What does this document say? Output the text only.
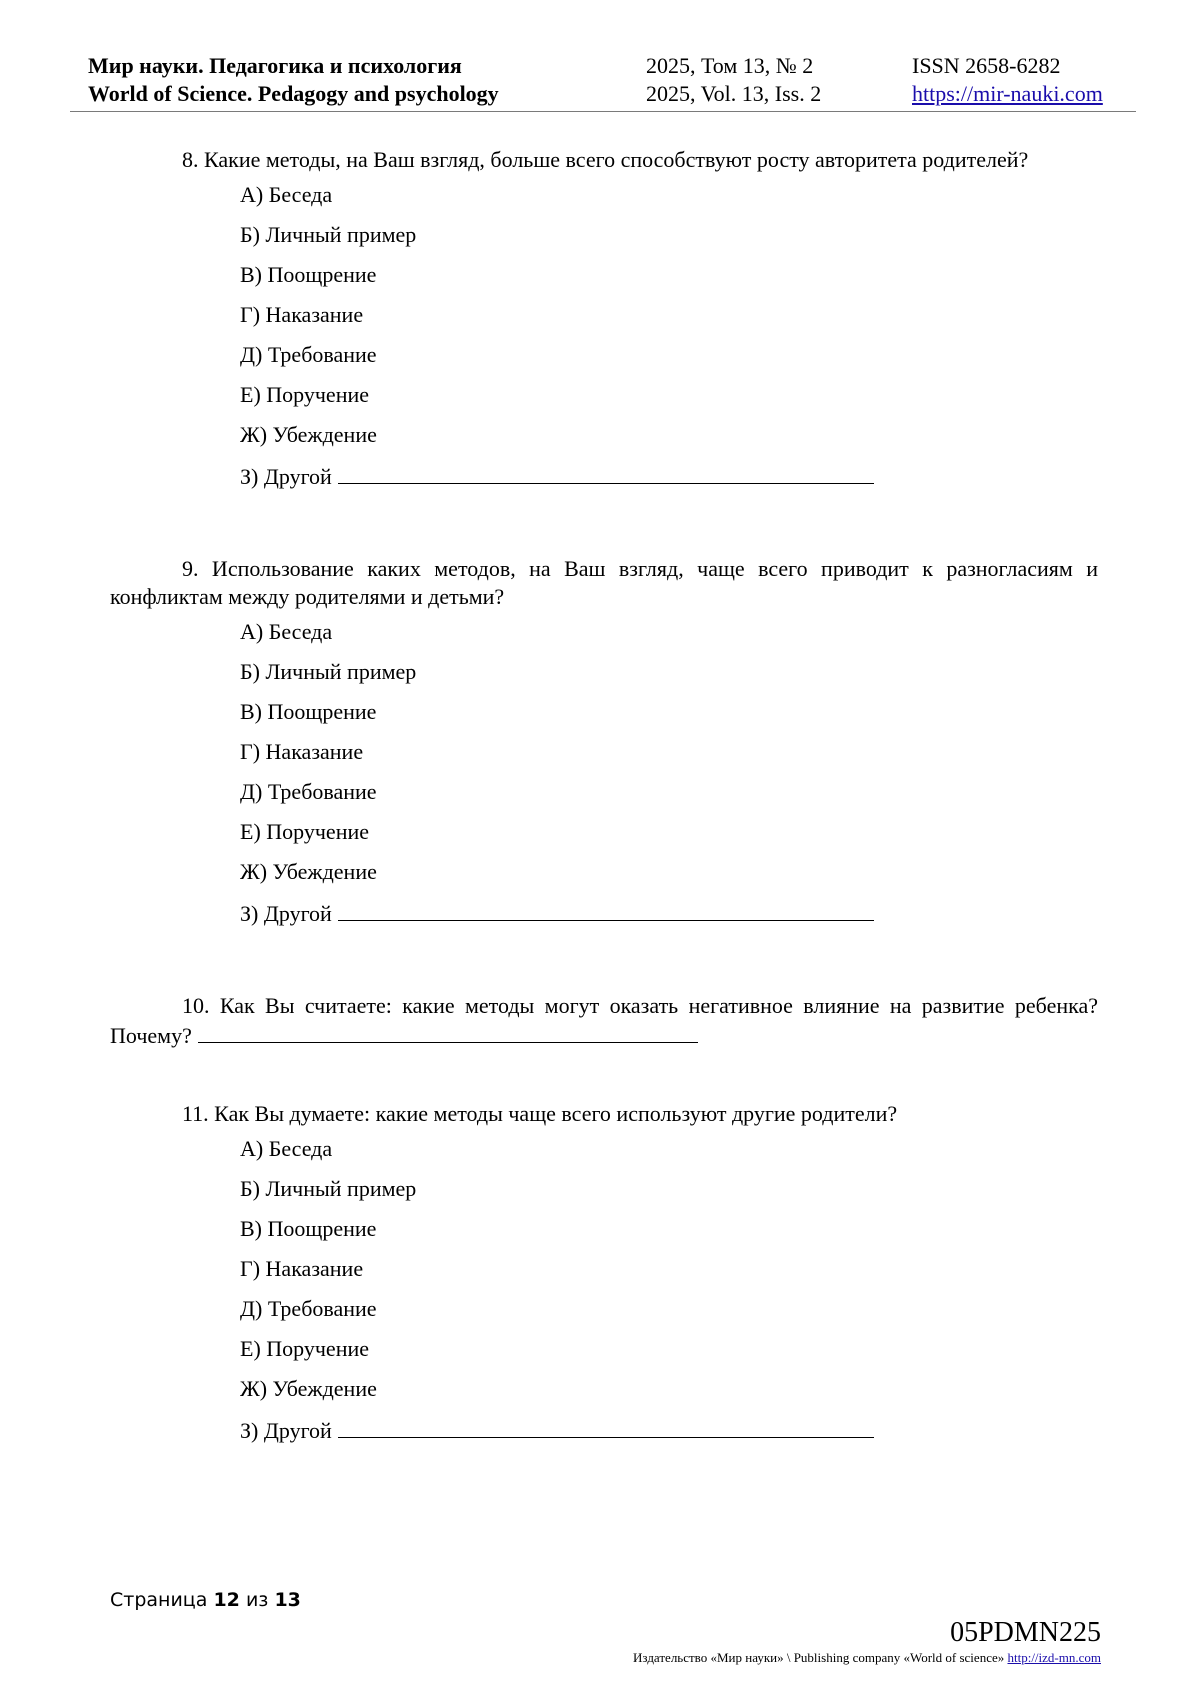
Мир науки. Педагогика и психология	2025, Том 13, № 2	ISSN 2658-6282
World of Science. Pedagogy and psychology	2025, Vol. 13, Iss. 2	https://mir-nauki.com

8. Какие методы, на Ваш взгляд, больше всего способствуют росту авторитета родителей?

А) Беседа
Б) Личный пример
В) Поощрение
Г) Наказание
Д) Требование
Е) Поручение
Ж) Убеждение
З) Другой

9. Использование каких методов, на Ваш взгляд, чаще всего приводит к разногласиям и конфликтам между родителями и детьми?

А) Беседа
Б) Личный пример
В) Поощрение
Г) Наказание
Д) Требование
Е) Поручение
Ж) Убеждение
З) Другой

10. Как Вы считаете: какие методы могут оказать негативное влияние на развитие ребенка? Почему?

11. Как Вы думаете: какие методы чаще всего используют другие родители?

А) Беседа
Б) Личный пример
В) Поощрение
Г) Наказание
Д) Требование
Е) Поручение
Ж) Убеждение
З) Другой
Страница 12 из 13
05PDMN225
Издательство «Мир науки» \ Publishing company «World of science» http://izd-mn.com
